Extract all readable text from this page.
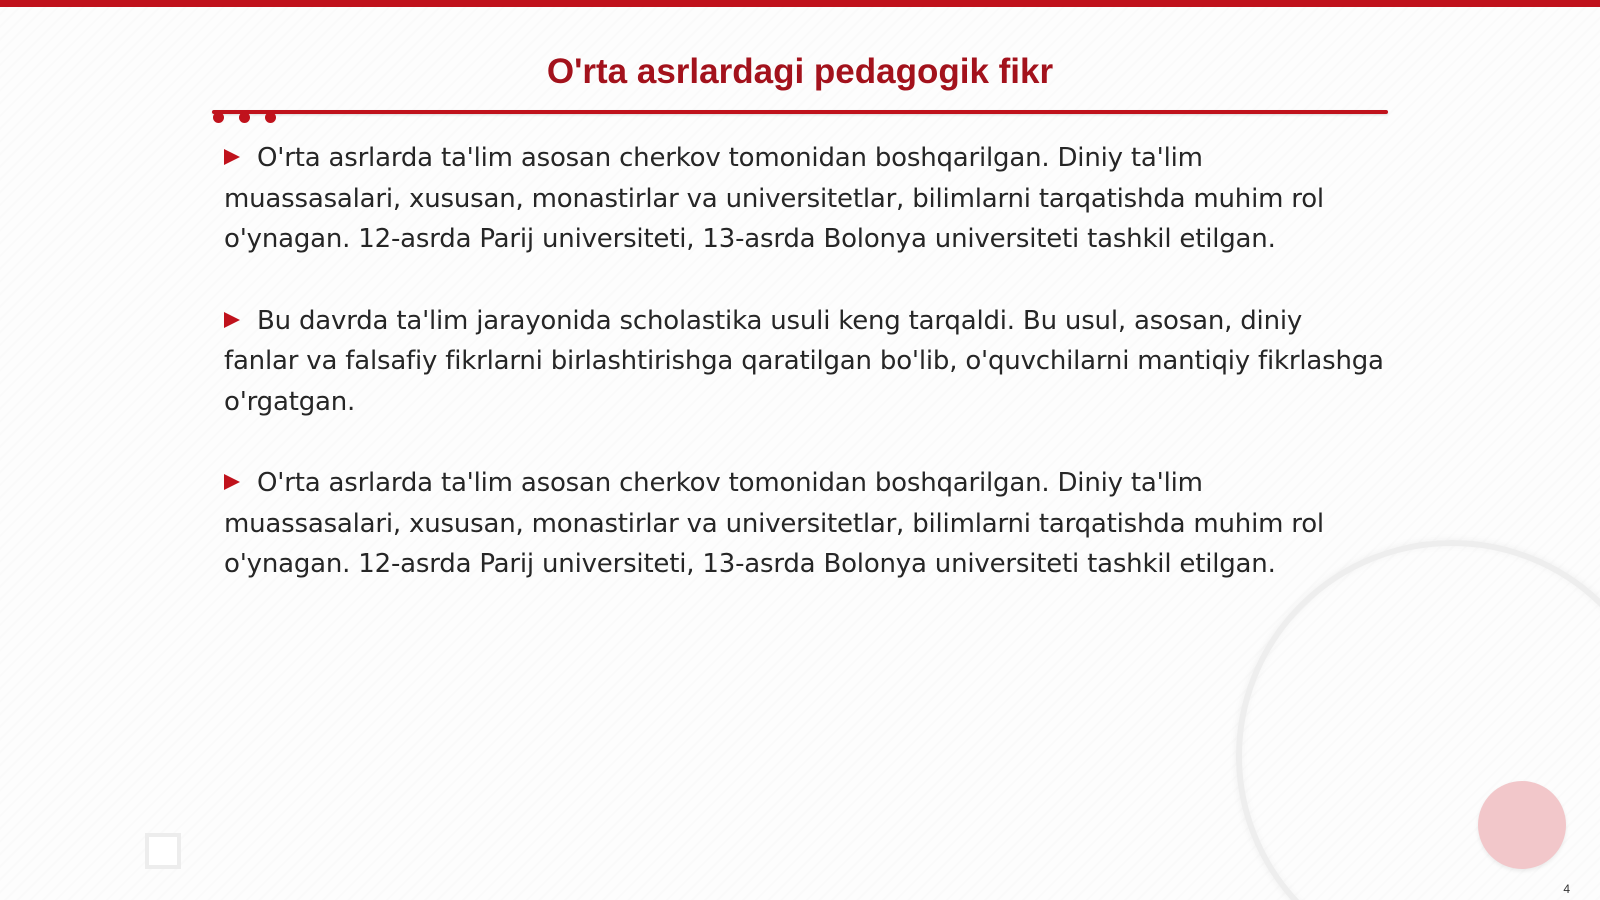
O'rta asrlardagi pedagogik fikr

O'rta asrlarda ta'lim asosan cherkov tomonidan boshqarilgan. Diniy ta'lim muassasalari, xususan, monastirlar va universitetlar, bilimlarni tarqatishda muhim rol o'ynagan. 12-asrda Parij universiteti, 13-asrda Bolonya universiteti tashkil etilgan.

Bu davrda ta'lim jarayonida scholastika usuli keng tarqaldi. Bu usul, asosan, diniy fanlar va falsafiy fikrlarni birlashtirishga qaratilgan bo'lib, o'quvchilarni mantiqiy fikrlashga o'rgatgan.

O'rta asrlarda ta'lim asosan cherkov tomonidan boshqarilgan. Diniy ta'lim muassasalari, xususan, monastirlar va universitetlar, bilimlarni tarqatishda muhim rol o'ynagan. 12-asrda Parij universiteti, 13-asrda Bolonya universiteti tashkil etilgan.

4
